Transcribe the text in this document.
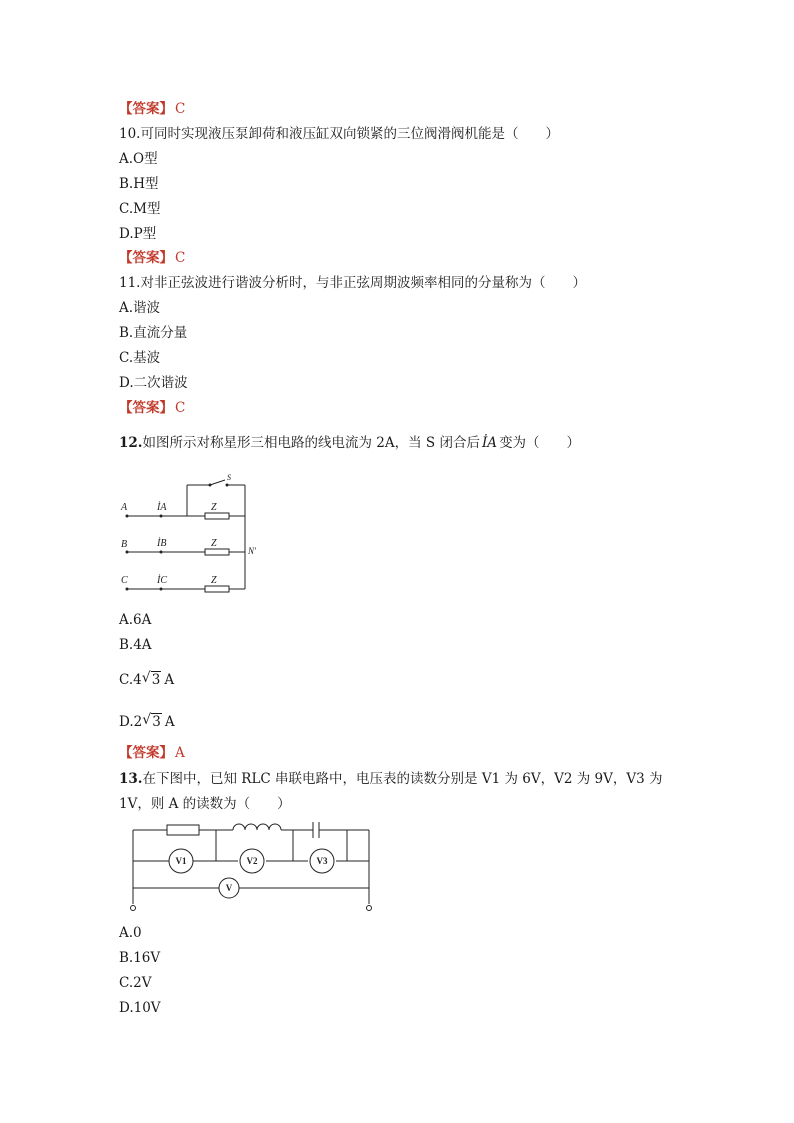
【答案】 C
10.可同时实现液压泵卸荷和液压缸双向锁紧的三位阀滑阀机能是（　　）
A.O型
B.H型
C.M型
D.P型
【答案】 C
11.对非正弦波进行谐波分析时，与非正弦周期波频率相同的分量称为（　　）
A.谐波
B.直流分量
C.基波
D.二次谐波
【答案】 C
12.如图所示对称星形三相电路的线电流为 2A，当 S 闭合后 İA 变为（　　）
A
B
C
İA
İB
İC
Z
Z
Z
S
N'
A.6A
B.4A
C.4 √ 3 A
D.2 √ 3 A
【答案】 A
13.在下图中，已知 RLC 串联电路中，电压表的读数分别是 V1 为 6V，V2 为 9V，V3 为
1V，则 A 的读数为（　　）
V1	V2	V3
V
A.0
B.16V
C.2V
D.10V
